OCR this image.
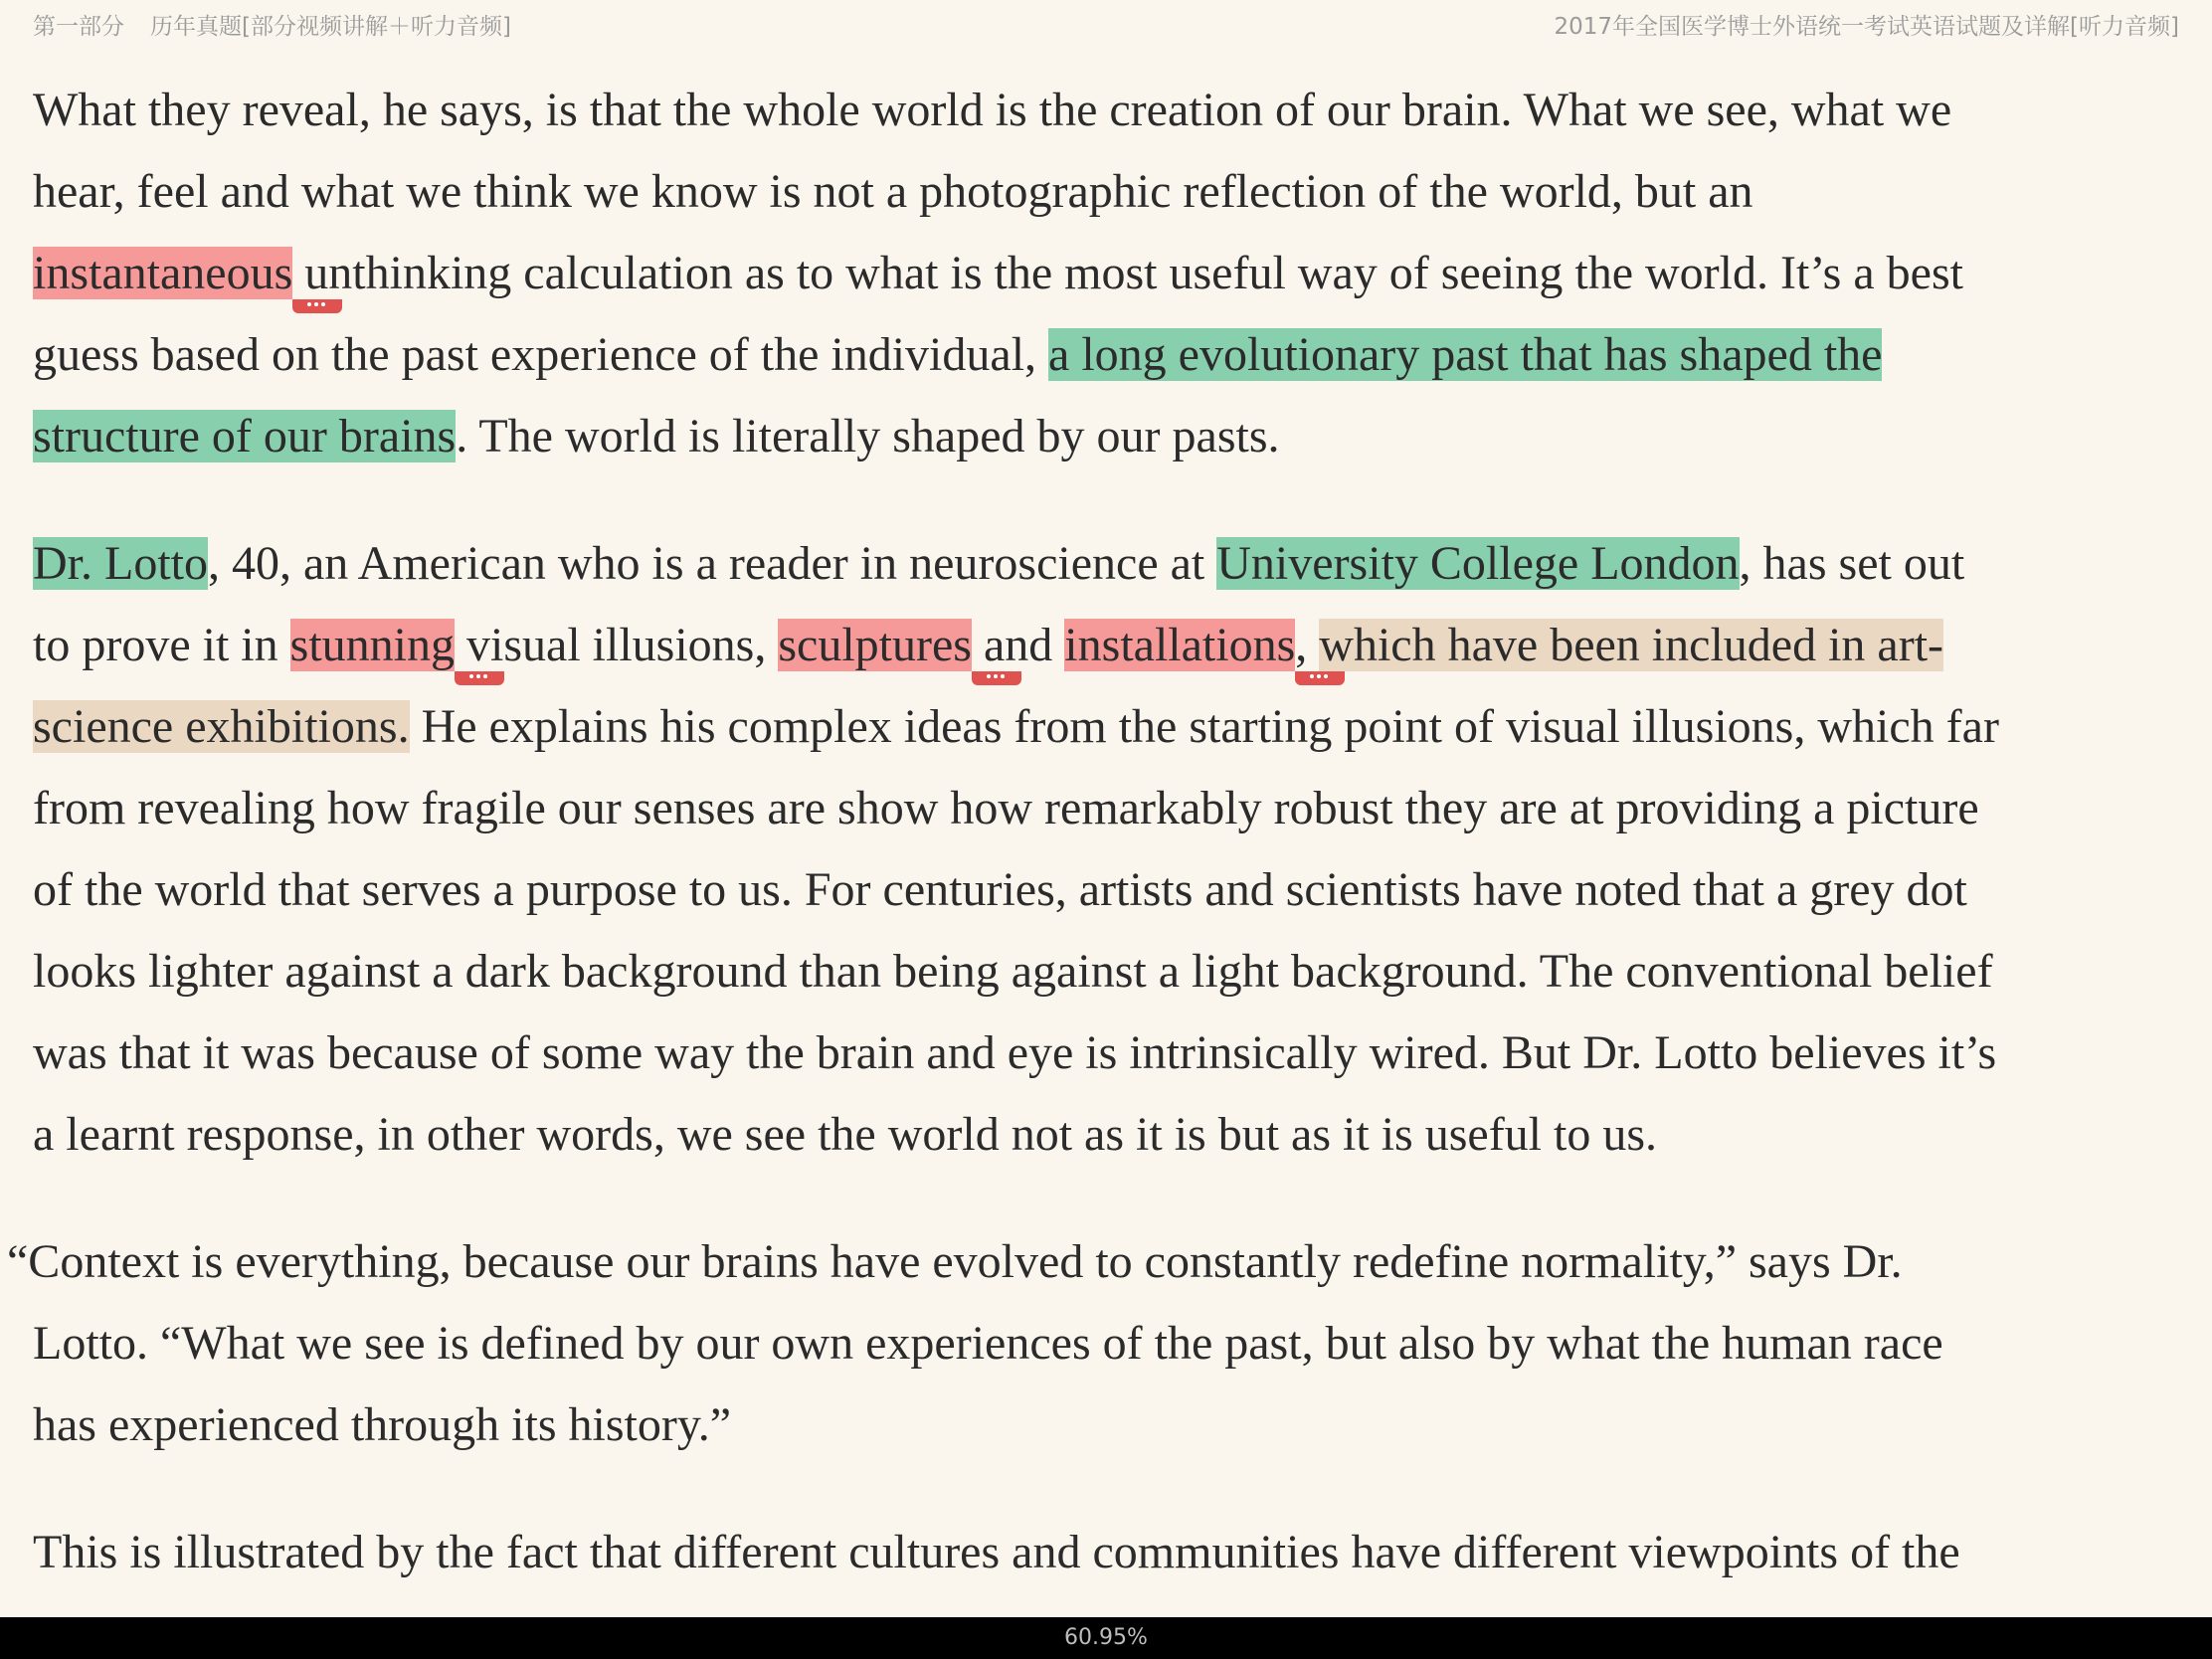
第一部分 历年真题[部分视频讲解＋听力音频]	2017年全国医学博士外语统一考试英语试题及详解[听力音频]
What they reveal, he says, is that the whole world is the creation of our brain. What we see, what we
hear, feel and what we think we know is not a photographic reflection of the world, but an
instantaneous
unthinking calculation as to what is the most useful way of seeing the world. It’s a best
guess based on the past experience of the individual, a long evolutionary past that has shaped the
structure of our brains. The world is literally shaped by our pasts.
Dr. Lotto, 40, an American who is a reader in neuroscience at University College London, has set out
to prove it in stunning
visual illusions, sculptures
and installations
, which have been included in art-
science exhibitions. He explains his complex ideas from the starting point of visual illusions, which far
from revealing how fragile our senses are show how remarkably robust they are at providing a picture
of the world that serves a purpose to us. For centuries, artists and scientists have noted that a grey dot
looks lighter against a dark background than being against a light background. The conventional belief
was that it was because of some way the brain and eye is intrinsically wired. But Dr. Lotto believes it’s
a learnt response, in other words, we see the world not as it is but as it is useful to us.
“Context is everything, because our brains have evolved to constantly redefine normality,” says Dr.
Lotto. “What we see is defined by our own experiences of the past, but also by what the human race
has experienced through its history.”
This is illustrated by the fact that different cultures and communities have different viewpoints of the
60.95%
